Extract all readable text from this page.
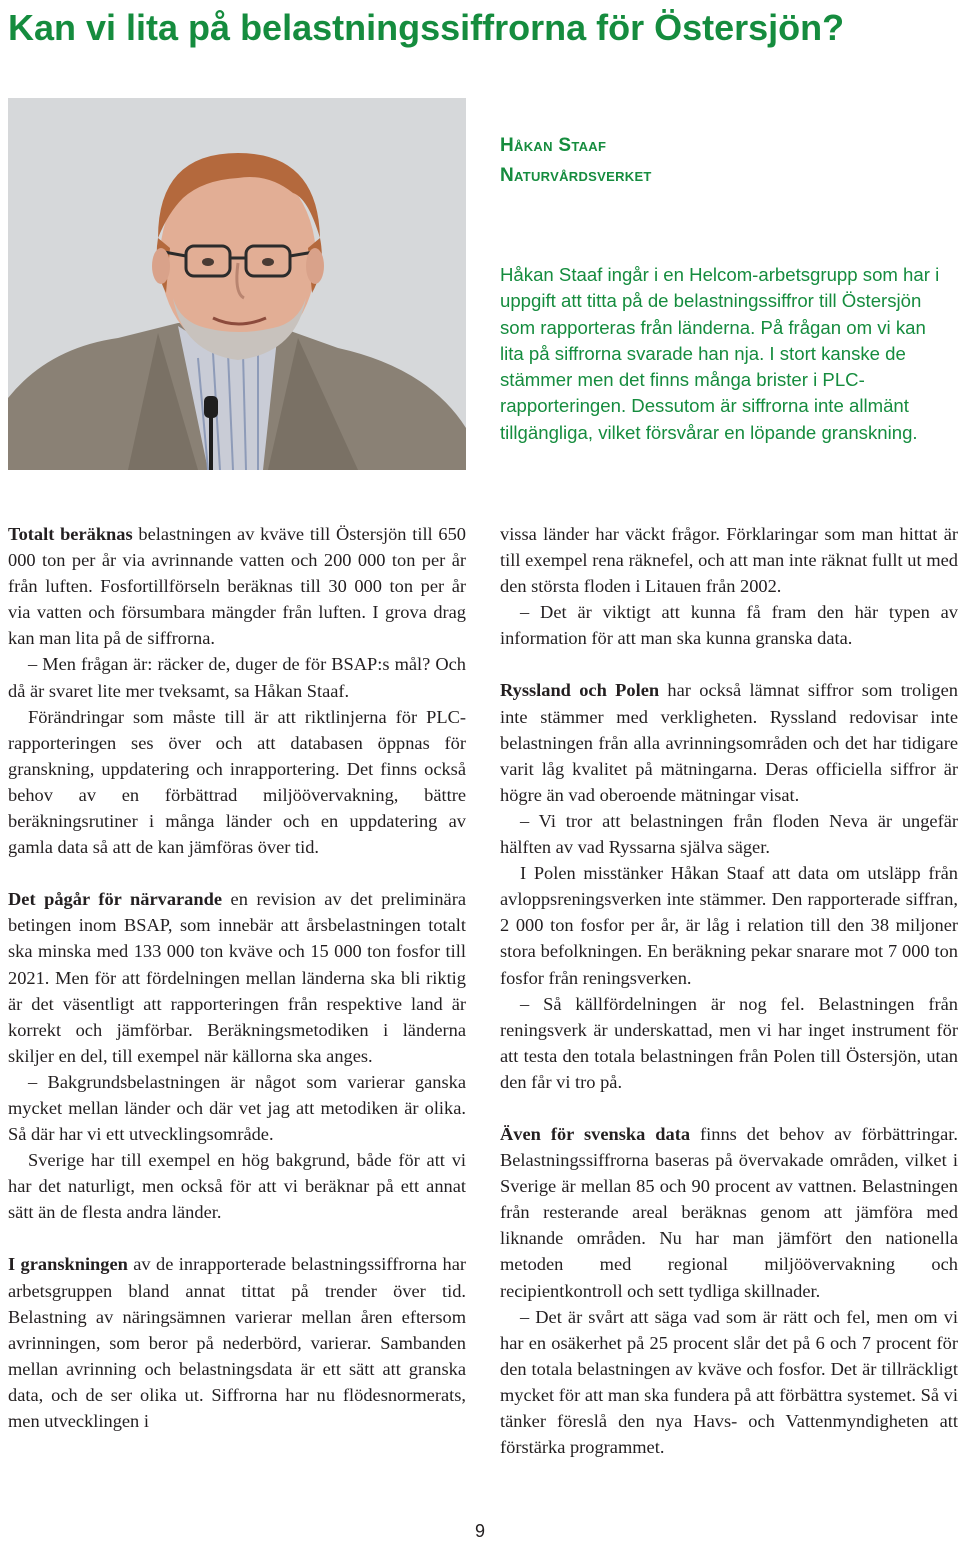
Kan vi lita på belastningssiffrorna för Östersjön?
Håkan Staaf
Naturvårdsverket

Håkan Staaf ingår i en Helcom-arbetsgrupp som har i uppgift att titta på de belastningssiffror till Östersjön som rapporteras från länderna. På frågan om vi kan lita på siffrorna svarade han nja. I stort kanske de stämmer men det finns många brister i PLC-rapporteringen. Dessutom är siffrorna inte allmänt tillgängliga, vilket försvårar en löpande granskning.

Totalt beräknas belastningen av kväve till Östersjön till 650 000 ton per år via avrinnande vatten och 200 000 ton per år från luften. Fosfortillförseln beräknas till 30 000 ton per år via vatten och försumbara mängder från luften. I grova drag kan man lita på de siffrorna.

– Men frågan är: räcker de, duger de för BSAP:s mål? Och då är svaret lite mer tveksamt, sa Håkan Staaf.

Förändringar som måste till är att riktlinjerna för PLC-rapporteringen ses över och att databasen öppnas för granskning, uppdatering och inrapportering. Det finns också behov av en förbättrad miljöövervakning, bättre beräkningsrutiner i många länder och en uppdatering av gamla data så att de kan jämföras över tid.

Det pågår för närvarande en revision av det preliminära betingen inom BSAP, som innebär att årsbelastningen totalt ska minska med 133 000 ton kväve och 15 000 ton fosfor till 2021. Men för att fördelningen mellan länderna ska bli riktig är det väsentligt att rapporteringen från respektive land är korrekt och jämförbar. Beräkningsmetodiken i länderna skiljer en del, till exempel när källorna ska anges.

– Bakgrundsbelastningen är något som varierar ganska mycket mellan länder och där vet jag att metodiken är olika. Så där har vi ett utvecklingsområde.

Sverige har till exempel en hög bakgrund, både för att vi har det naturligt, men också för att vi beräknar på ett annat sätt än de flesta andra länder.

I granskningen av de inrapporterade belastningssiffrorna har arbetsgruppen bland annat tittat på trender över tid. Belastning av näringsämnen varierar mellan åren eftersom avrinningen, som beror på nederbörd, varierar. Sambanden mellan avrinning och belastningsdata är ett sätt att granska data, och de ser olika ut. Siffrorna har nu flödesnormerats, men utvecklingen i

vissa länder har väckt frågor. Förklaringar som man hittat är till exempel rena räknefel, och att man inte räknat fullt ut med den största floden i Litauen från 2002.

– Det är viktigt att kunna få fram den här typen av information för att man ska kunna granska data.

Ryssland och Polen har också lämnat siffror som troligen inte stämmer med verkligheten. Ryssland redovisar inte belastningen från alla avrinningsområden och det har tidigare varit låg kvalitet på mätningarna. Deras officiella siffror är högre än vad oberoende mätningar visat.

– Vi tror att belastningen från floden Neva är ungefär hälften av vad Ryssarna själva säger.

I Polen misstänker Håkan Staaf att data om utsläpp från avloppsreningsverken inte stämmer. Den rapporterade siffran, 2 000 ton fosfor per år, är låg i relation till den 38 miljoner stora befolkningen. En beräkning pekar snarare mot 7 000 ton fosfor från reningsverken.

– Så källfördelningen är nog fel. Belastningen från reningsverk är underskattad, men vi har inget instrument för att testa den totala belastningen från Polen till Östersjön, utan den får vi tro på.

Även för svenska data finns det behov av förbättringar. Belastningssiffrorna baseras på övervakade områden, vilket i Sverige är mellan 85 och 90 procent av vattnen. Belastningen från resterande areal beräknas genom att jämföra med liknande områden. Nu har man jämfört den nationella metoden med regional miljöövervakning och recipientkontroll och sett tydliga skillnader.

– Det är svårt att säga vad som är rätt och fel, men om vi har en osäkerhet på 25 procent slår det på 6 och 7 procent för den totala belastningen av kväve och fosfor. Det är tillräckligt mycket för att man ska fundera på att förbättra systemet. Så vi tänker föreslå den nya Havs- och Vattenmyndigheten att förstärka programmet.

9
